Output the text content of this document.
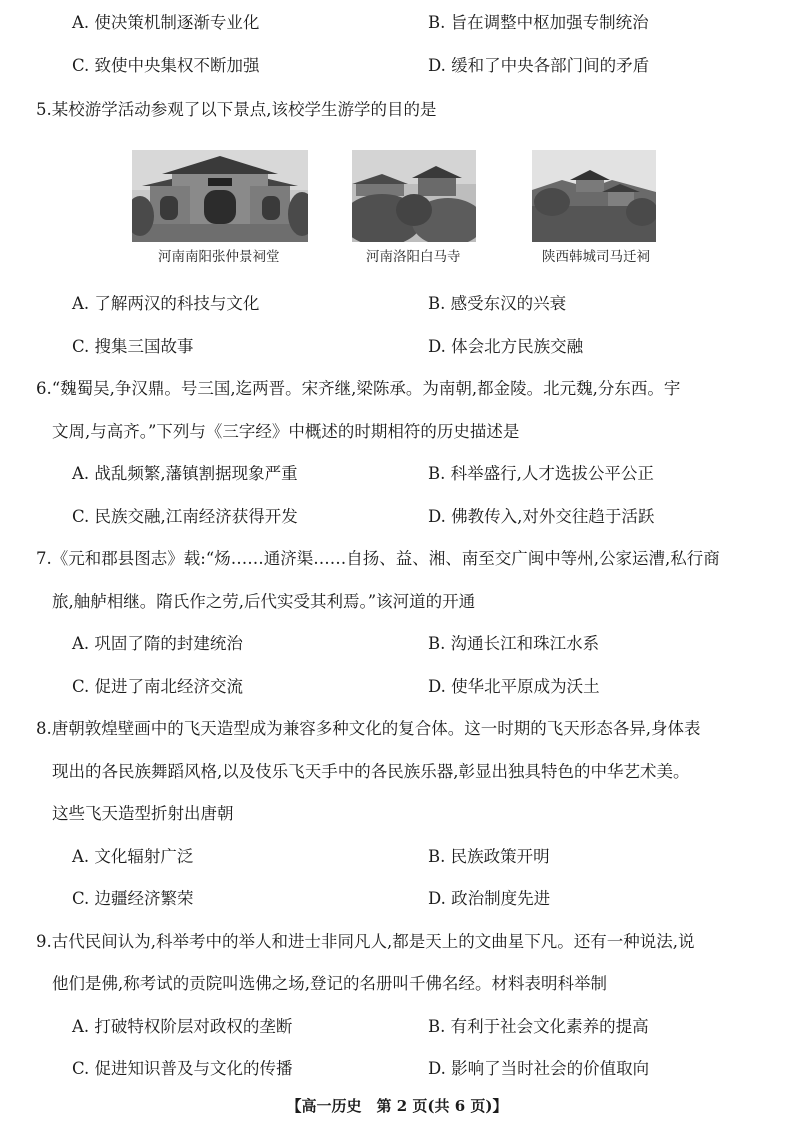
A. 使决策机制逐渐专业化	B. 旨在调整中枢加强专制统治
C. 致使中央集权不断加强	D. 缓和了中央各部门间的矛盾
5.某校游学活动参观了以下景点,该校学生游学的目的是
河南南阳张仲景祠堂	河南洛阳白马寺	陕西韩城司马迁祠
A. 了解两汉的科技与文化	B. 感受东汉的兴衰
C. 搜集三国故事	D. 体会北方民族交融
6.“魏蜀吴,争汉鼎。号三国,迄两晋。宋齐继,梁陈承。为南朝,都金陵。北元魏,分东西。宇
文周,与高齐。”下列与《三字经》中概述的时期相符的历史描述是
A. 战乱频繁,藩镇割据现象严重	B. 科举盛行,人才选拔公平公正
C. 民族交融,江南经济获得开发	D. 佛教传入,对外交往趋于活跃
7.《元和郡县图志》载:“炀……通济渠……自扬、益、湘、南至交广闽中等州,公家运漕,私行商
旅,舳舻相继。隋氏作之劳,后代实受其利焉。”该河道的开通
A. 巩固了隋的封建统治	B. 沟通长江和珠江水系
C. 促进了南北经济交流	D. 使华北平原成为沃土
8.唐朝敦煌壁画中的飞天造型成为兼容多种文化的复合体。这一时期的飞天形态各异,身体表
现出的各民族舞蹈风格,以及伎乐飞天手中的各民族乐器,彰显出独具特色的中华艺术美。
这些飞天造型折射出唐朝
A. 文化辐射广泛	B. 民族政策开明
C. 边疆经济繁荣	D. 政治制度先进
9.古代民间认为,科举考中的举人和进士非同凡人,都是天上的文曲星下凡。还有一种说法,说
他们是佛,称考试的贡院叫选佛之场,登记的名册叫千佛名经。材料表明科举制
A. 打破特权阶层对政权的垄断	B. 有利于社会文化素养的提高
C. 促进知识普及与文化的传播	D. 影响了当时社会的价值取向
【高一历史　第 2 页(共 6 页)】
